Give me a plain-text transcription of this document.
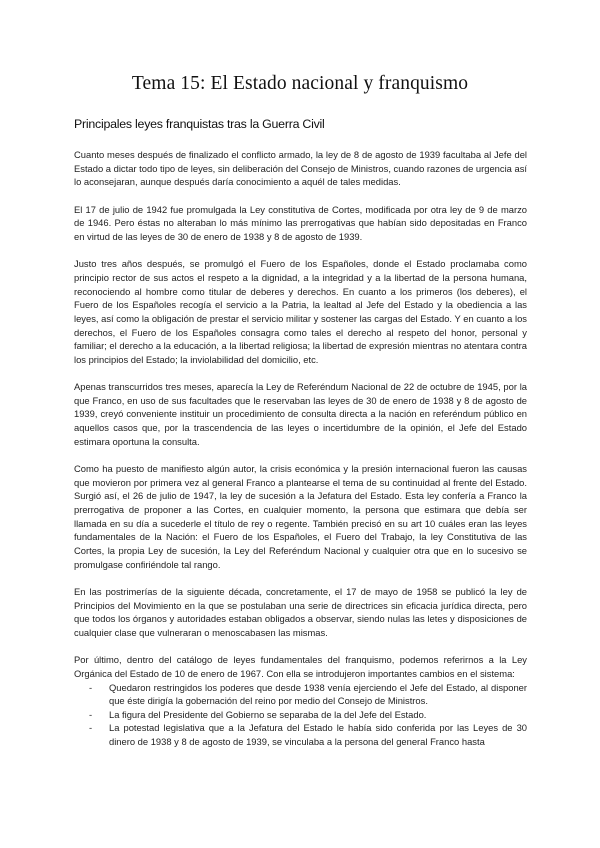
Tema 15: El Estado nacional y franquismo
Principales leyes franquistas tras la Guerra Civil

Cuanto meses después de finalizado el conflicto armado, la ley de 8 de agosto de 1939 facultaba al Jefe del Estado a dictar todo tipo de leyes, sin deliberación del Consejo de Ministros, cuando razones de urgencia así lo aconsejaran, aunque después daría conocimiento a aquél de tales medidas.

El 17 de julio de 1942 fue promulgada la Ley constitutiva de Cortes, modificada por otra ley de 9 de marzo de 1946. Pero éstas no alteraban lo más mínimo las prerrogativas que habían sido depositadas en Franco en virtud de las leyes de 30 de enero de 1938 y 8 de agosto de 1939.

Justo tres años después, se promulgó el Fuero de los Españoles, donde el Estado proclamaba como principio rector de sus actos el respeto a la dignidad, a la integridad y a la libertad de la persona humana, reconociendo al hombre como titular de deberes y derechos. En cuanto a los primeros (los deberes), el Fuero de los Españoles recogía el servicio a la Patria, la lealtad al Jefe del Estado y la obediencia a las leyes, así como la obligación de prestar el servicio militar y sostener las cargas del Estado. Y en cuanto a los derechos, el Fuero de los Españoles consagra como tales el derecho al respeto del honor, personal y familiar; el derecho a la educación, a la libertad religiosa; la libertad de expresión mientras no atentara contra los principios del Estado; la inviolabilidad del domicilio, etc.

Apenas transcurridos tres meses, aparecía la Ley de Referéndum Nacional de 22 de octubre de 1945, por la que Franco, en uso de sus facultades que le reservaban las leyes de 30 de enero de 1938 y 8 de agosto de 1939, creyó conveniente instituir un procedimiento de consulta directa a la nación en referéndum público en aquellos casos que, por la trascendencia de las leyes o incertidumbre de la opinión, el Jefe del Estado estimara oportuna la consulta.

Como ha puesto de manifiesto algún autor, la crisis económica y la presión internacional fueron las causas que movieron por primera vez al general Franco a plantearse el tema de su continuidad al frente del Estado. Surgió así, el 26 de julio de 1947, la ley de sucesión a la Jefatura del Estado. Esta ley confería a Franco la prerrogativa de proponer a las Cortes, en cualquier momento, la persona que estimara que debía ser llamada en su día a sucederle el título de rey o regente. También precisó en su art 10 cuáles eran las leyes fundamentales de la Nación: el Fuero de los Españoles, el Fuero del Trabajo, la ley Constitutiva de las Cortes, la propia Ley de sucesión, la Ley del Referéndum Nacional y cualquier otra que en lo sucesivo se promulgase confiriéndole tal rango.

En las postrimerías de la siguiente década, concretamente, el 17 de mayo de 1958 se publicó la ley de Principios del Movimiento en la que se postulaban una serie de directrices sin eficacia jurídica directa, pero que todos los órganos y autoridades estaban obligados a observar, siendo nulas las letes y disposiciones de cualquier clase que vulneraran o menoscabasen las mismas.

Por último, dentro del catálogo de leyes fundamentales del franquismo, podemos referirnos a la Ley Orgánica del Estado de 10 de enero de 1967. Con ella se introdujeron importantes cambios en el sistema:

- Quedaron restringidos los poderes que desde 1938 venía ejerciendo el Jefe del Estado, al disponer que éste dirigía la gobernación del reino por medio del Consejo de Ministros.
- La figura del Presidente del Gobierno se separaba de la del Jefe del Estado.
- La potestad legislativa que a la Jefatura del Estado le había sido conferida por las Leyes de 30 dinero de 1938 y 8 de agosto de 1939, se vinculaba a la persona del general Franco hasta
